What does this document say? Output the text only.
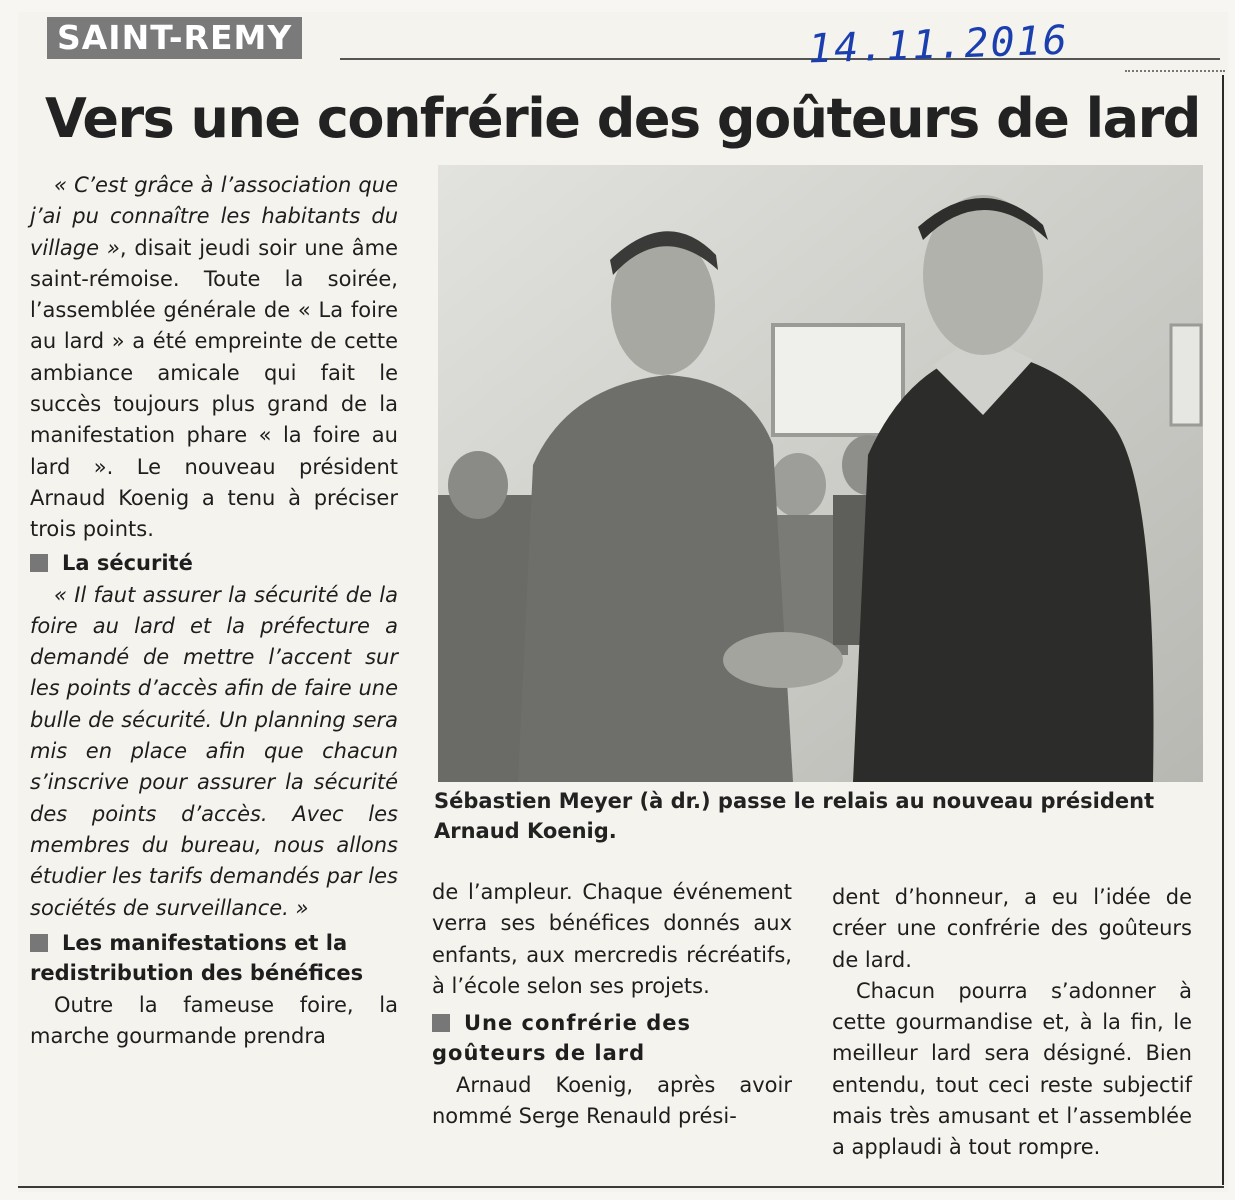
SAINT-REMY	14.11.2016
Vers une confrérie des goûteurs de lard

« C’est grâce à l’association que j’ai pu connaître les habitants du village », disait jeudi soir une âme saint-rémoise. Toute la soirée, l’assemblée générale de « La foire au lard » a été empreinte de cette ambiance amicale qui fait le succès toujours plus grand de la manifestation phare « la foire au lard ». Le nouveau président Arnaud Koenig a tenu à préciser trois points.

La sécurité

« Il faut assurer la sécurité de la foire au lard et la préfecture a demandé de mettre l’accent sur les points d’accès afin de faire une bulle de sécurité. Un planning sera mis en place afin que chacun s’inscrive pour assurer la sécurité des points d’accès. Avec les membres du bureau, nous allons étudier les tarifs demandés par les sociétés de surveillance. »

Les manifestations et la redistribution des bénéfices

Outre la fameuse foire, la marche gourmande prendra

Sébastien Meyer (à dr.) passe le relais au nouveau président Arnaud Koenig.

de l’ampleur. Chaque événement verra ses bénéfices donnés aux enfants, aux mercredis récréatifs, à l’école selon ses projets.

Une confrérie des goûteurs de lard

Arnaud Koenig, après avoir nommé Serge Renauld prési-

dent d’honneur, a eu l’idée de créer une confrérie des goûteurs de lard.

Chacun pourra s’adonner à cette gourmandise et, à la fin, le meilleur lard sera désigné. Bien entendu, tout ceci reste subjectif mais très amusant et l’assemblée a applaudi à tout rompre.
